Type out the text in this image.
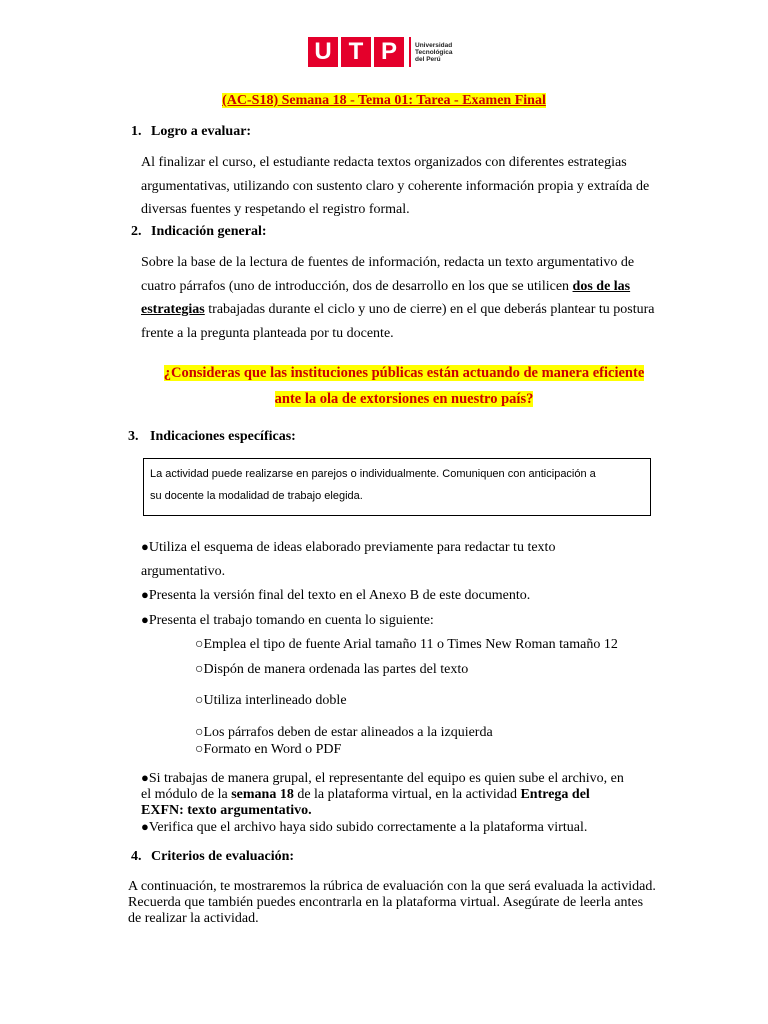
U T P	Universidad
Tecnológica
del Perú
(AC-S18) Semana 18 - Tema 01: Tarea - Examen Final
1. Logro a evaluar:
Al finalizar el curso, el estudiante redacta textos organizados con diferentes estrategias
argumentativas, utilizando con sustento claro y coherente información propia y extraída de
diversas fuentes y respetando el registro formal.
2. Indicación general:
Sobre la base de la lectura de fuentes de información, redacta un texto argumentativo de
cuatro párrafos (uno de introducción, dos de desarrollo en los que se utilicen dos de las
estrategias trabajadas durante el ciclo y uno de cierre) en el que deberás plantear tu postura
frente a la pregunta planteada por tu docente.
¿Consideras que las instituciones públicas están actuando de manera eficiente
ante la ola de extorsiones en nuestro país?
3. Indicaciones específicas:
La actividad puede realizarse en parejos o individualmente. Comuniquen con anticipación a
su docente la modalidad de trabajo elegida.
●Utiliza el esquema de ideas elaborado previamente para redactar tu texto
argumentativo.
●Presenta la versión final del texto en el Anexo B de este documento.
●Presenta el trabajo tomando en cuenta lo siguiente:
○Emplea el tipo de fuente Arial tamaño 11 o Times New Roman tamaño 12
○Dispón de manera ordenada las partes del texto
○Utiliza interlineado doble
○Los párrafos deben de estar alineados a la izquierda
○Formato en Word o PDF
●Si trabajas de manera grupal, el representante del equipo es quien sube el archivo, en
el módulo de la semana 18 de la plataforma virtual, en la actividad Entrega del
EXFN: texto argumentativo.
●Verifica que el archivo haya sido subido correctamente a la plataforma virtual.
4. Criterios de evaluación:
A continuación, te mostraremos la rúbrica de evaluación con la que será evaluada la actividad.
Recuerda que también puedes encontrarla en la plataforma virtual. Asegúrate de leerla antes
de realizar la actividad.
